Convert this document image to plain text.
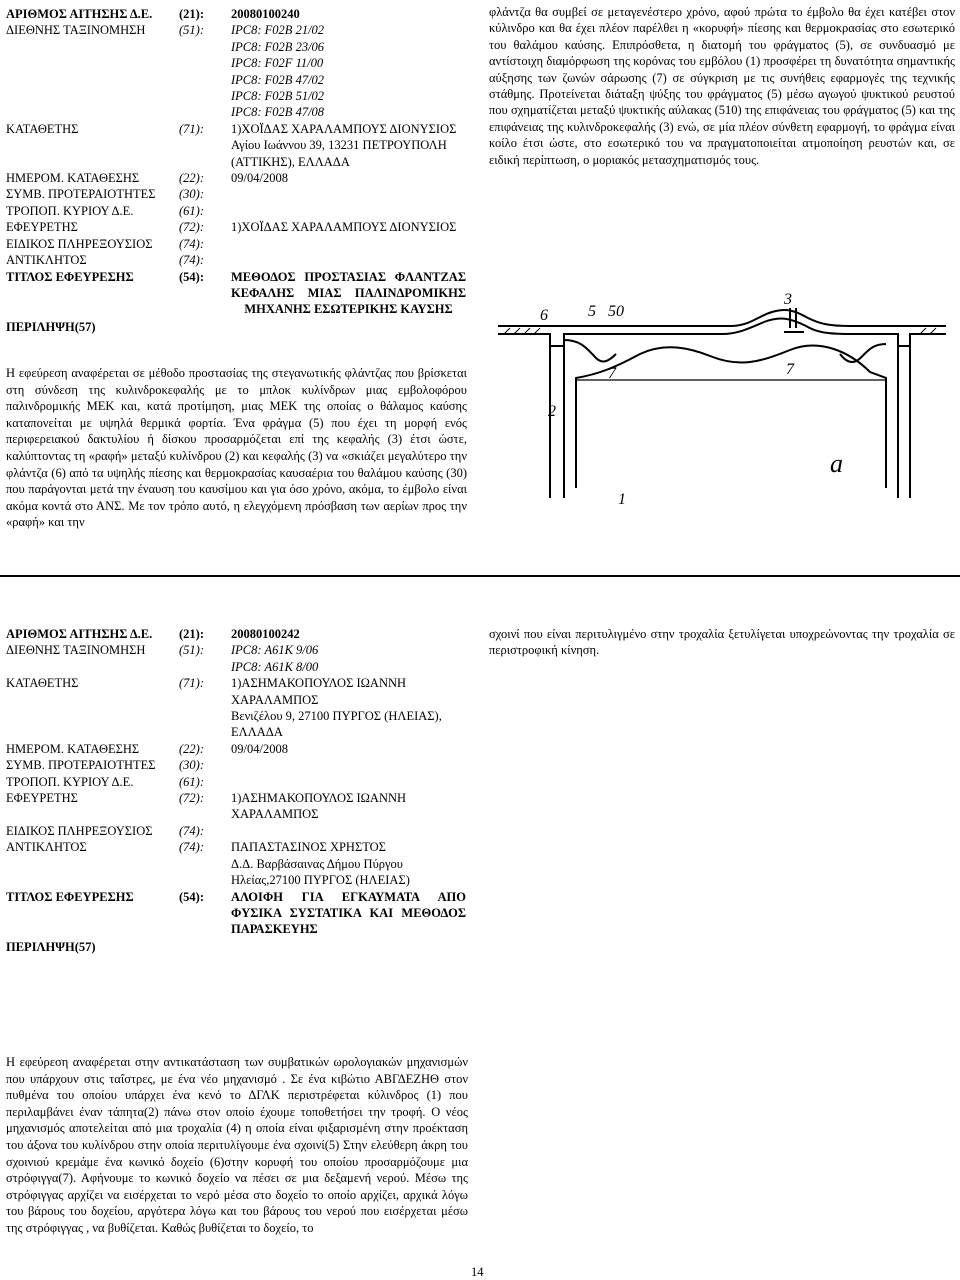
ΑΡΙΘΜΟΣ ΑΙΤΗΣΗΣ Δ.Ε.	(21):	20080100240
ΔΙΕΘΝΗΣ ΤΑΞΙΝΟΜΗΣΗ	(51):	IPC8: F02B 21/02
IPC8: F02B 23/06
IPC8: F02F 11/00
IPC8: F02B 47/02
IPC8: F02B 51/02
IPC8: F02B 47/08
ΚΑΤΑΘΕΤΗΣ	(71):	1)ΧΟΪΔΑΣ ΧΑΡΑΛΑΜΠΟΥΣ ΔΙΟΝΥΣΙΟΣ
Αγίου Ιωάννου 39, 13231 ΠΕΤΡΟΥΠΟΛΗ
(ΑΤΤΙΚΗΣ), ΕΛΛΑΔΑ
ΗΜΕΡΟΜ. ΚΑΤΑΘΕΣΗΣ	(22):	09/04/2008
ΣΥΜΒ. ΠΡΟΤΕΡΑΙΟΤΗΤΕΣ	(30):

ΤΡΟΠΟΠ. ΚΥΡΙΟΥ Δ.Ε.	(61):

ΕΦΕΥΡΕΤΗΣ	(72):	1)ΧΟΪΔΑΣ ΧΑΡΑΛΑΜΠΟΥΣ ΔΙΟΝΥΣΙΟΣ
ΕΙΔΙΚΟΣ ΠΛΗΡΕΞΟΥΣΙΟΣ	(74):

ΑΝΤΙΚΛΗΤΟΣ	(74):

ΤΙΤΛΟΣ ΕΦΕΥΡΕΣΗΣ	(54):	ΜΕΘΟΔΟΣ ΠΡΟΣΤΑΣΙΑΣ ΦΛΑΝΤΖΑΣ
ΚΕΦΑΛΗΣ ΜΙΑΣ ΠΑΛΙΝΔΡΟΜΙΚΗΣ
ΜΗΧΑΝΗΣ ΕΣΩΤΕΡΙΚΗΣ ΚΑΥΣΗΣ
ΠΕΡΙΛΗΨΗ(57)
Η εφεύρεση αναφέρεται σε μέθοδο προστασίας της στεγανωτικής φλάντζας που βρίσκεται στη σύνδεση της κυλινδροκεφαλής με το μπλοκ κυλίνδρων μιας εμβολοφόρου παλινδρομικής ΜΕΚ και, κατά προτίμηση, μιας ΜΕΚ της οποίας ο θάλαμος καύσης καταπονείται με υψηλά θερμικά φορτία. Ένα φράγμα (5) που έχει τη μορφή ενός περιφερειακού δακτυλίου ή δίσκου προσαρμόζεται επί της κεφαλής (3) έτσι ώστε, καλύπτοντας τη «ραφή» μεταξύ κυλίνδρου (2) και κεφαλής (3) να «σκιάζει μεγαλύτερο την φλάντζα (6) από τα υψηλής πίεσης και θερμοκρασίας καυσαέρια του θαλάμου καύσης (30) που παράγονται μετά την έναυση του καυσίμου και για όσο χρόνο, ακόμα, το έμβολο είναι ακόμα κοντά στο ΑΝΣ. Με τον τρόπο αυτό, η ελεγχόμενη πρόσβαση των αερίων προς την «ραφή» και την
φλάντζα θα συμβεί σε μεταγενέστερο χρόνο, αφού πρώτα το έμβολο θα έχει κατέβει στον κύλινδρο και θα έχει πλέον παρέλθει η «κορυφή» πίεσης και θερμοκρασίας στο εσωτερικό του θαλάμου καύσης. Επιπρόσθετα, η διατομή του φράγματος (5), σε συνδυασμό με αντίστοιχη διαμόρφωση της κορόνας του εμβόλου (1) προσφέρει τη δυνατότητα σημαντικής αύξησης των ζωνών σάρωσης (7) σε σύγκριση με τις συνήθεις εφαρμογές της τεχνικής στάθμης. Προτείνεται διάταξη ψύξης του φράγματος (5) μέσω αγωγού ψυκτικού ρευστού που σχηματίζεται μεταξύ ψυκτικής αύλακας (510) της επιφάνειας του φράγματος (5) και της επιφάνειας της κυλινδροκεφαλής (3) ενώ, σε μία πλέον σύνθετη εφαρμογή, το φράγμα είναι κοίλο έτσι ώστε, στο εσωτερικό του να πραγματοποιείται ατμοποίηση ρευστών και, σε ειδική περίπτωση, ο μοριακός μετασχηματισμός τους.
6	5 50
3
7	7
2
1
a
ΑΡΙΘΜΟΣ ΑΙΤΗΣΗΣ Δ.Ε.	(21):	20080100242
ΔΙΕΘΝΗΣ ΤΑΞΙΝΟΜΗΣΗ	(51):	IPC8: A61K 9/06
IPC8: A61K 8/00
ΚΑΤΑΘΕΤΗΣ	(71):	1)ΑΣΗΜΑΚΟΠΟΥΛΟΣ ΙΩΑΝΝΗ
ΧΑΡΑΛΑΜΠΟΣ
Βενιζέλου 9, 27100 ΠΥΡΓΟΣ (ΗΛΕΙΑΣ),
ΕΛΛΑΔΑ
ΗΜΕΡΟΜ. ΚΑΤΑΘΕΣΗΣ	(22):	09/04/2008
ΣΥΜΒ. ΠΡΟΤΕΡΑΙΟΤΗΤΕΣ	(30):

ΤΡΟΠΟΠ. ΚΥΡΙΟΥ Δ.Ε.	(61):

ΕΦΕΥΡΕΤΗΣ	(72):	1)ΑΣΗΜΑΚΟΠΟΥΛΟΣ ΙΩΑΝΝΗ
ΧΑΡΑΛΑΜΠΟΣ
ΕΙΔΙΚΟΣ ΠΛΗΡΕΞΟΥΣΙΟΣ	(74):

ΑΝΤΙΚΛΗΤΟΣ	(74):	ΠΑΠΑΣΤΑΣΙΝΟΣ ΧΡΗΣΤΟΣ
Δ.Δ. Βαρβάσαινας Δήμου Πύργου
Ηλείας,27100 ΠΥΡΓΟΣ (ΗΛΕΙΑΣ)
ΤΙΤΛΟΣ ΕΦΕΥΡΕΣΗΣ	(54):	ΑΛΟΙΦΗ ΓΙΑ ΕΓΚΑΥΜΑΤΑ ΑΠΟ
ΦΥΣΙΚΑ ΣΥΣΤΑΤΙΚΑ ΚΑΙ ΜΕΘΟΔΟΣ
ΠΑΡΑΣΚΕΥΗΣ
ΠΕΡΙΛΗΨΗ(57)
Η εφεύρεση αναφέρεται στην αντικατάσταση των συμβατικών ωρολογιακών μηχανισμών που υπάρχουν στις ταΐστρες, με ένα νέο μηχανισμό . Σε ένα κιβώτιο ΑΒΓΔΕΖΗΘ στον πυθμένα του οποίου υπάρχει ένα κενό το ΔΓΛΚ περιστρέφεται κύλινδρος (1) που περιλαμβάνει έναν τάπητα(2) πάνω στον οποίο έχουμε τοποθετήσει την τροφή. Ο νέος μηχανισμός αποτελείται από μια τροχαλία (4) η οποία είναι φιξαρισμένη στην προέκταση του άξονα του κυλίνδρου στην οποία περιτυλίγουμε ένα σχοινί(5) Στην ελεύθερη άκρη του σχοινιού κρεμάμε ένα κωνικό δοχείο (6)στην κορυφή του οποίου προσαρμόζουμε μια στρόφιγγα(7). Αφήνουμε το κωνικό δοχείο να πέσει σε μια δεξαμενή νερού. Μέσω της στρόφιγγας αρχίζει να εισέρχεται το νερό μέσα στο δοχείο το οποίο αρχίζει, αρχικά λόγω του βάρους του δοχείου, αργότερα λόγω και του βάρους του νερού που εισέρχεται μέσω της στρόφιγγας , να βυθίζεται. Καθώς βυθίζεται το δοχείο, το
σχοινί που είναι περιτυλιγμένο στην τροχαλία ξετυλίγεται υποχρεώνοντας την τροχαλία σε περιστροφική κίνηση.
14
